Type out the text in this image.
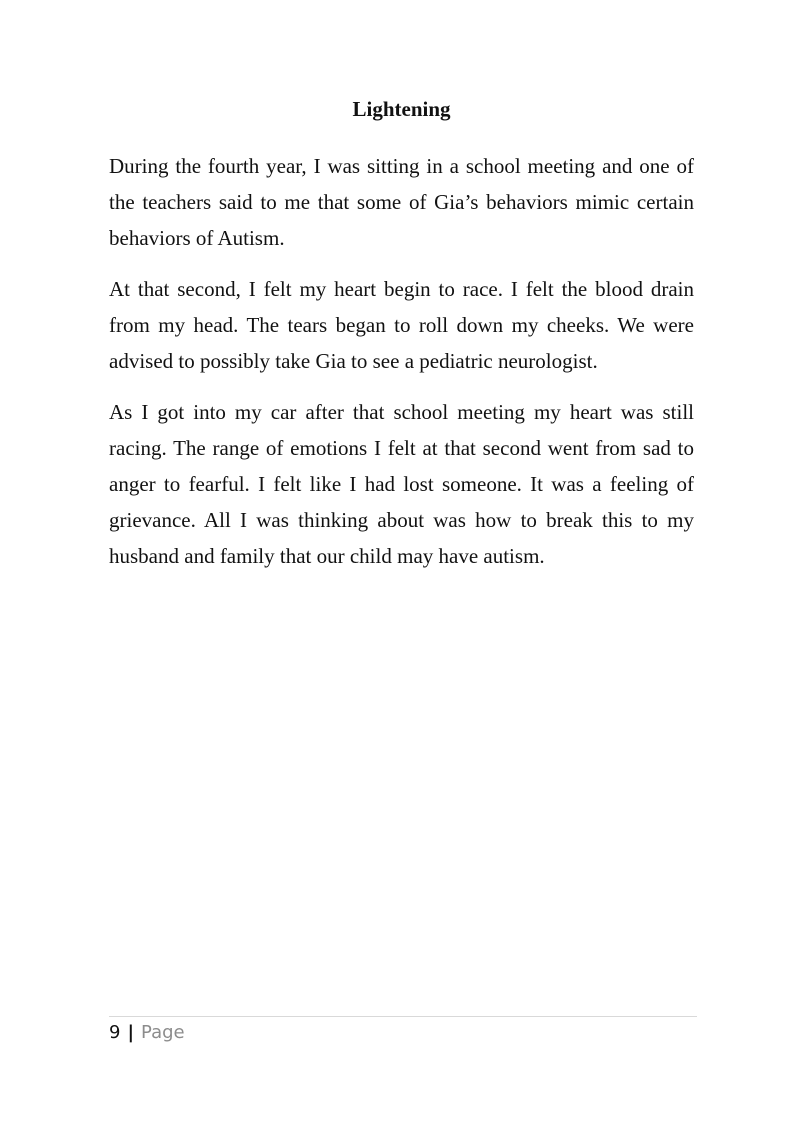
Lightening

During the fourth year, I was sitting in a school meeting and one of the teachers said to me that some of Gia’s behaviors mimic certain behaviors of Autism.

At that second, I felt my heart begin to race. I felt the blood drain from my head. The tears began to roll down my cheeks. We were advised to possibly take Gia to see a pediatric neurologist.

As I got into my car after that school meeting my heart was still racing. The range of emotions I felt at that second went from sad to anger to fearful. I felt like I had lost someone. It was a feeling of grievance. All I was thinking about was how to break this to my husband and family that our child may have autism.

9 | Page
